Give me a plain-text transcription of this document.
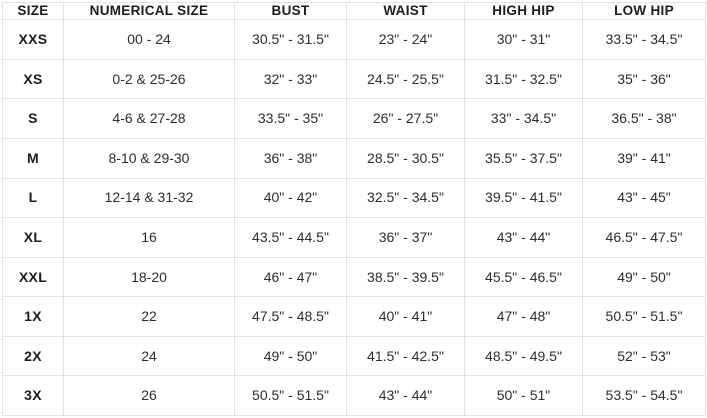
SIZE	NUMERICAL SIZE	BUST	WAIST	HIGH HIP	LOW HIP
XXS	00 - 24	30.5" - 31.5"	23" - 24"	30" - 31"	33.5" - 34.5"
XS	0-2 & 25-26	32" - 33"	24.5" - 25.5"	31.5" - 32.5"	35" - 36"
S	4-6 & 27-28	33.5" - 35"	26" - 27.5"	33" - 34.5"	36.5" - 38"
M	8-10 & 29-30	36" - 38"	28.5" - 30.5"	35.5" - 37.5"	39" - 41"
L	12-14 & 31-32	40" - 42"	32.5" - 34.5"	39.5" - 41.5"	43" - 45"
XL	16	43.5" - 44.5"	36" - 37"	43" - 44"	46.5" - 47.5"
XXL	18-20	46" - 47"	38.5" - 39.5"	45.5" - 46.5"	49" - 50"
1X	22	47.5" - 48.5"	40" - 41"	47" - 48"	50.5" - 51.5"
2X	24	49" - 50"	41.5" - 42.5"	48.5" - 49.5"	52" - 53"
3X	26	50.5" - 51.5"	43" - 44"	50" - 51"	53.5" - 54.5"
